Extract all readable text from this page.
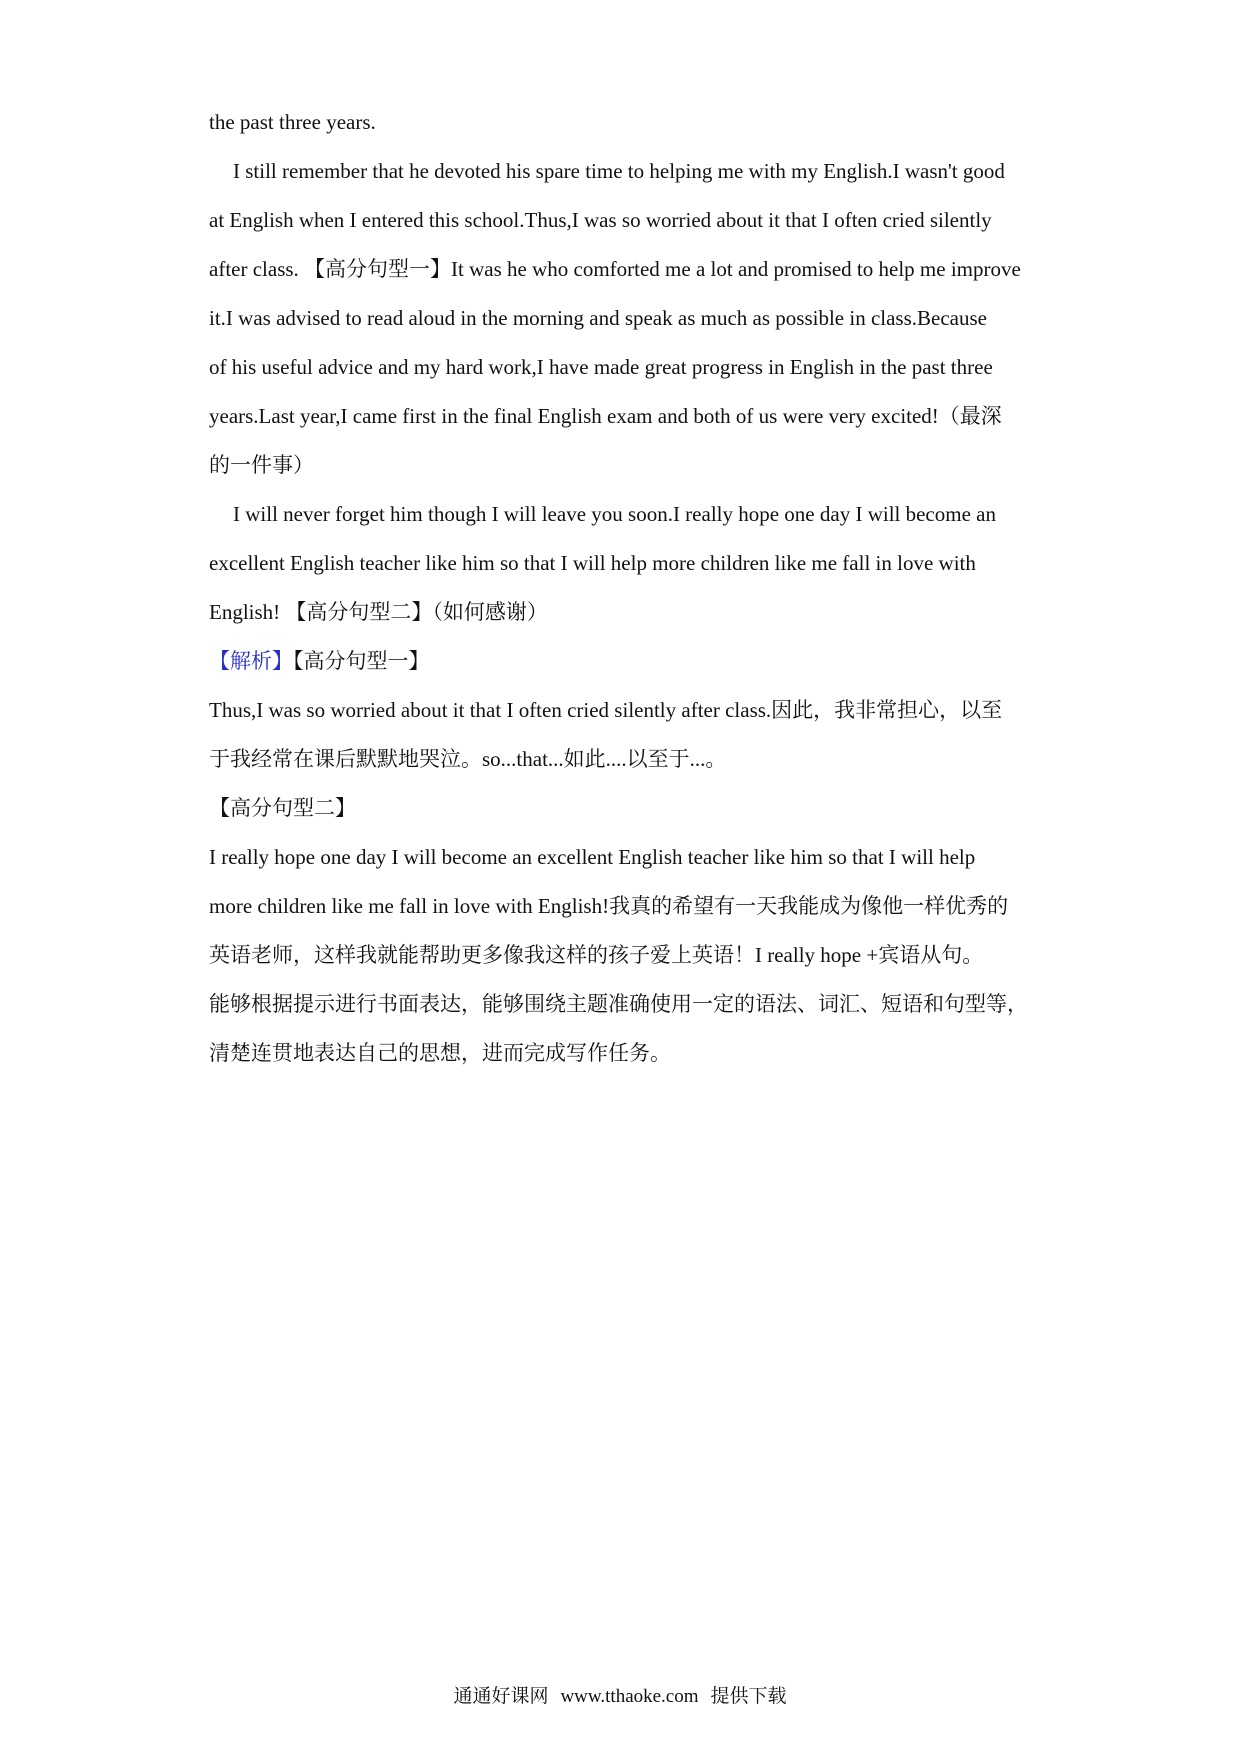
the past three years.
I still remember that he devoted his spare time to helping me with my English.I wasn't good
at English when I entered this school.Thus,I was so worried about it that I often cried silently
after class. 【高分句型一】It was he who comforted me a lot and promised to help me improve
it.I was advised to read aloud in the morning and speak as much as possible in class.Because
of his useful advice and my hard work,I have made great progress in English in the past three
years.Last year,I came first in the final English exam and both of us were very excited!（最深
的一件事）
I will never forget him though I will leave you soon.I really hope one day I will become an
excellent English teacher like him so that I will help more children like me fall in love with
English! 【高分句型二】（如何感谢）
【解析】【高分句型一】
Thus,I was so worried about it that I often cried silently after class.因此，我非常担心，以至
于我经常在课后默默地哭泣。so...that...如此....以至于...。
【高分句型二】
I really hope one day I will become an excellent English teacher like him so that I will help
more children like me fall in love with English!我真的希望有一天我能成为像他一样优秀的
英语老师，这样我就能帮助更多像我这样的孩子爱上英语！I really hope +宾语从句。
能够根据提示进行书面表达，能够围绕主题准确使用一定的语法、词汇、短语和句型等，
清楚连贯地表达自己的思想，进而完成写作任务。
通通好课网 www.tthaoke.com 提供下载
